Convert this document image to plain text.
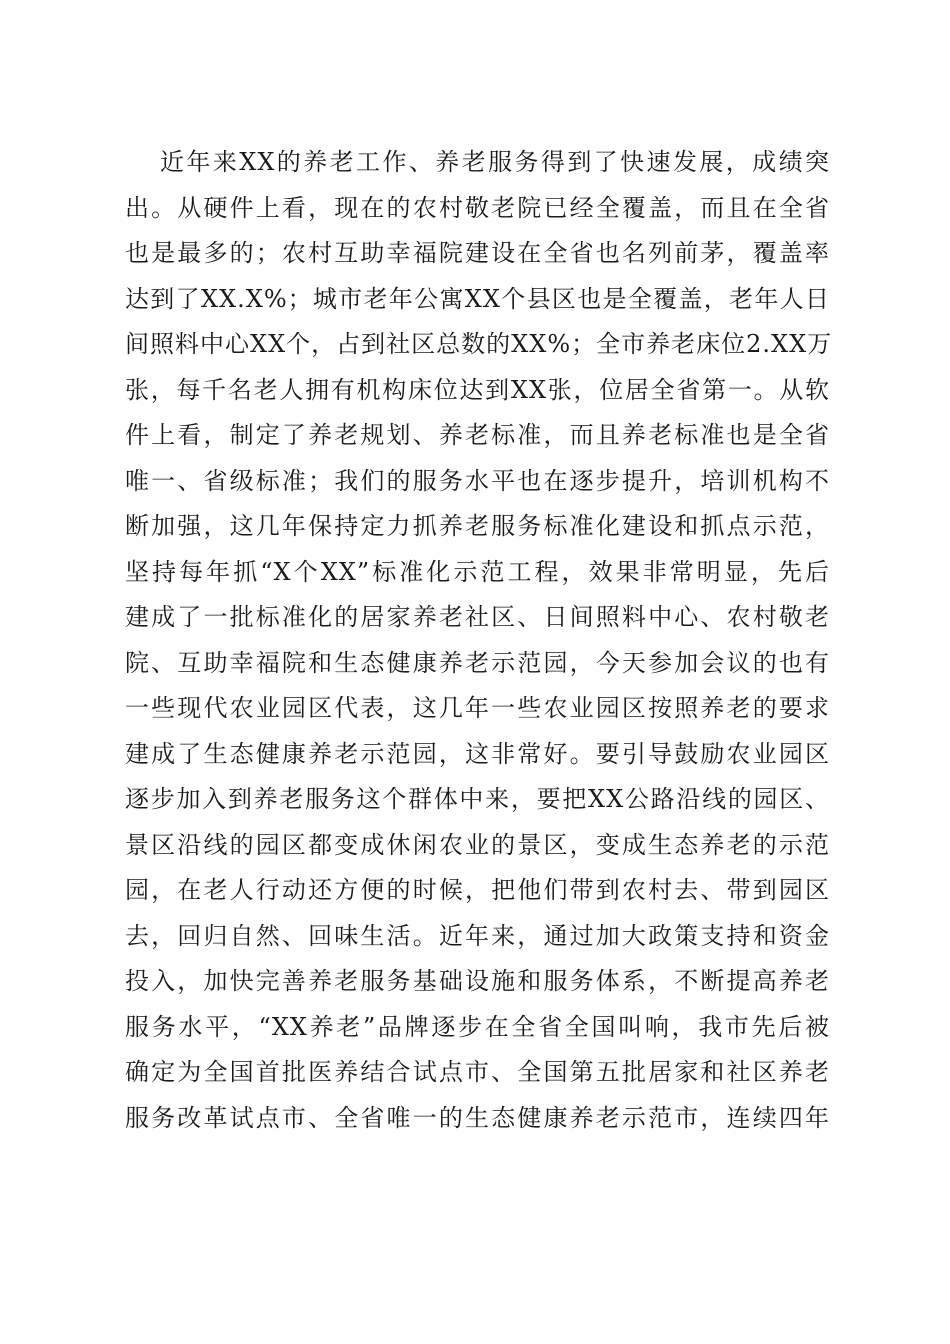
近年来XX的养老工作、养老服务得到了快速发展，成绩突
出。从硬件上看，现在的农村敬老院已经全覆盖，而且在全省
也是最多的；农村互助幸福院建设在全省也名列前茅，覆盖率
达到了XX.X%；城市老年公寓XX个县区也是全覆盖，老年人日
间照料中心XX个，占到社区总数的XX%；全市养老床位2.XX万
张，每千名老人拥有机构床位达到XX张，位居全省第一。从软
件上看，制定了养老规划、养老标准，而且养老标准也是全省
唯一、省级标准；我们的服务水平也在逐步提升，培训机构不
断加强，这几年保持定力抓养老服务标准化建设和抓点示范，
坚持每年抓“X个XX”标准化示范工程，效果非常明显，先后
建成了一批标准化的居家养老社区、日间照料中心、农村敬老
院、互助幸福院和生态健康养老示范园，今天参加会议的也有
一些现代农业园区代表，这几年一些农业园区按照养老的要求
建成了生态健康养老示范园，这非常好。要引导鼓励农业园区
逐步加入到养老服务这个群体中来，要把XX公路沿线的园区、
景区沿线的园区都变成休闲农业的景区，变成生态养老的示范
园，在老人行动还方便的时候，把他们带到农村去、带到园区
去，回归自然、回味生活。近年来，通过加大政策支持和资金
投入，加快完善养老服务基础设施和服务体系，不断提高养老
服务水平，“XX养老”品牌逐步在全省全国叫响，我市先后被
确定为全国首批医养结合试点市、全国第五批居家和社区养老
服务改革试点市、全省唯一的生态健康养老示范市，连续四年
